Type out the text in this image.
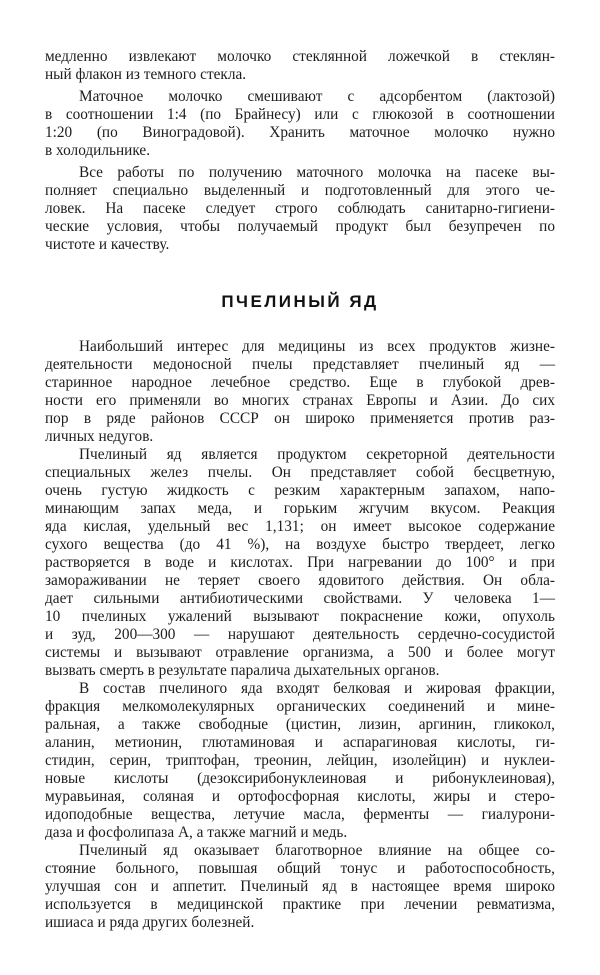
медленно извлекают молочко стеклянной ложечкой в стеклян-
ный флакон из темного стекла.
Маточное молочко смешивают с адсорбентом (лактозой)
в соотношении 1:4 (по Брайнесу) или с глюкозой в соотношении
1:20 (по Виноградовой). Хранить маточное молочко нужно
в холодильнике.
Все работы по получению маточного молочка на пасеке вы-
полняет специально выделенный и подготовленный для этого че-
ловек. На пасеке следует строго соблюдать санитарно-гигиени-
ческие условия, чтобы получаемый продукт был безупречен по
чистоте и качеству.
ПЧЕЛИНЫЙ ЯД
Наибольший интерес для медицины из всех продуктов жизне-
деятельности медоносной пчелы представляет пчелиный яд —
старинное народное лечебное средство. Еще в глубокой древ-
ности его применяли во многих странах Европы и Азии. До сих
пор в ряде районов СССР он широко применяется против раз-
личных недугов.
Пчелиный яд является продуктом секреторной деятельности
специальных желез пчелы. Он представляет собой бесцветную,
очень густую жидкость с резким характерным запахом, напо-
минающим запах меда, и горьким жгучим вкусом. Реакция
яда кислая, удельный вес 1,131; он имеет высокое содержание
сухого вещества (до 41 %), на воздухе быстро твердеет, легко
растворяется в воде и кислотах. При нагревании до 100° и при
замораживании не теряет своего ядовитого действия. Он обла-
дает сильными антибиотическими свойствами. У человека 1—
10 пчелиных ужалений вызывают покраснение кожи, опухоль
и зуд, 200—300 — нарушают деятельность сердечно-сосудистой
системы и вызывают отравление организма, а 500 и более могут
вызвать смерть в результате паралича дыхательных органов.
В состав пчелиного яда входят белковая и жировая фракции,
фракция мелкомолекулярных органических соединений и мине-
ральная, а также свободные (цистин, лизин, аргинин, гликокол,
аланин, метионин, глютаминовая и аспарагиновая кислоты, ги-
стидин, серин, триптофан, треонин, лейцин, изолейцин) и нуклеи-
новые кислоты (дезоксирибонуклеиновая и рибонуклеиновая),
муравьиная, соляная и ортофосфорная кислоты, жиры и стеро-
идоподобные вещества, летучие масла, ферменты — гиалурони-
даза и фосфолипаза А, а также магний и медь.
Пчелиный яд оказывает благотворное влияние на общее со-
стояние больного, повышая общий тонус и работоспособность,
улучшая сон и аппетит. Пчелиный яд в настоящее время широко
используется в медицинской практике при лечении ревматизма,
ишиаса и ряда других болезней.
